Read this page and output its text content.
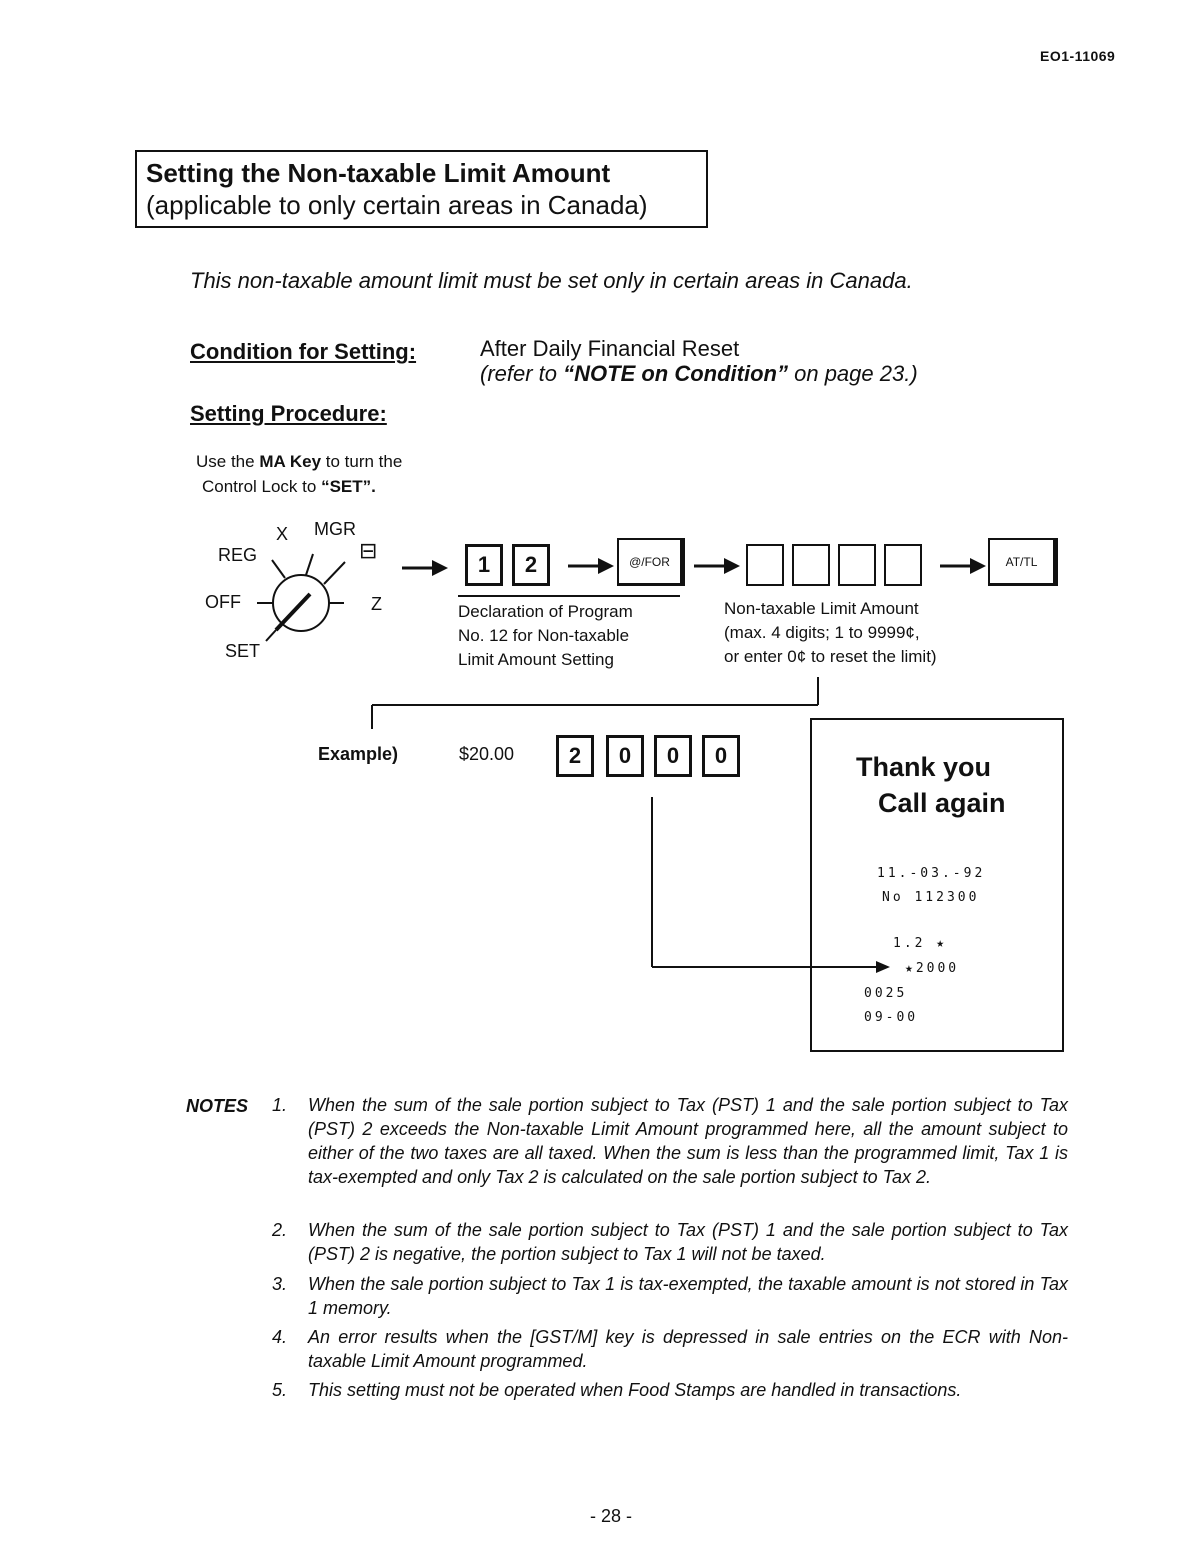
EO1-11069
Setting the Non-taxable Limit Amount
(applicable to only certain areas in Canada)
This non-taxable amount limit must be set only in certain areas in Canada.
Condition for Setting:	After Daily Financial Reset
(refer to “NOTE on Condition” on page 23.)
Setting Procedure:
Use the MA Key to turn the
Control Lock to “SET”.
X MGR
REG	⊟
OFF	Z
SET
1	2	@/FOR	AT/TL
Declaration of Program
No. 12 for Non-taxable
Limit Amount Setting
Non-taxable Limit Amount
(max. 4 digits; 1 to 9999¢,
or enter 0¢ to reset the limit)
Example)	$20.00	2	0	0	0	Thank you
Call again
11.-03.-92
No 112300
1.2 ★
★2000
0025
09-00
NOTES 1. When the sum of the sale portion subject to Tax (PST) 1 and the sale portion subject to Tax (PST) 2 exceeds the Non-taxable Limit Amount programmed here, all the amount subject to either of the two taxes are all taxed. When the sum is less than the programmed limit, Tax 1 is tax-exempted and only Tax 2 is calculated on the sale portion subject to Tax 2.
2. When the sum of the sale portion subject to Tax (PST) 1 and the sale portion subject to Tax (PST) 2 is negative, the portion subject to Tax 1 will not be taxed.
3. When the sale portion subject to Tax 1 is tax-exempted, the taxable amount is not stored in Tax 1 memory.
4. An error results when the [GST/M] key is depressed in sale entries on the ECR with Non-taxable Limit Amount programmed.
5. This setting must not be operated when Food Stamps are handled in transactions.
- 28 -
